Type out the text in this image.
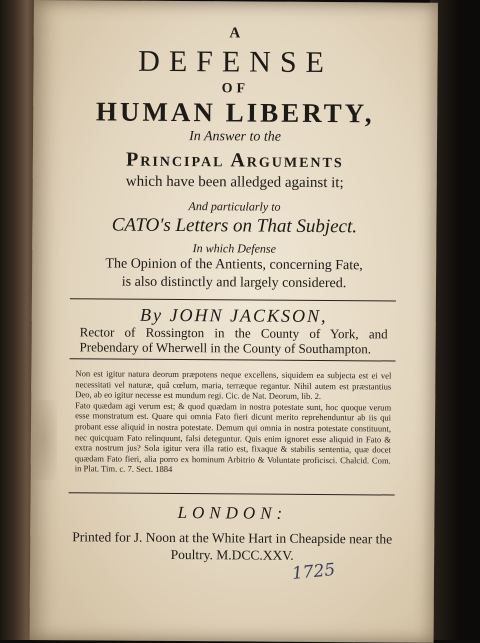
A
DEFENSE
OF
HUMAN LIBERTY,
In Answer to the
Principal Arguments
which have been alledged against it;
And particularly to
CATO's Letters on That Subject.
In which Defense
The Opinion of the Antients, concerning Fate,
is also distinctly and largely considered.
By JOHN JACKSON,
Rector of Rossington in the County of York, and Prebendary of Wherwell in the County of Southampton.

Non est igitur natura deorum præpotens neque excellens, siquidem ea subjecta est ei vel necessitati vel naturæ, quâ cœlum, maria, terræque regantur. Nihil autem est præstantius Deo, ab eo igitur necesse est mundum regi. Cic. de Nat. Deorum, lib. 2.

Fato quædam agi verum est; & quod quædam in nostra potestate sunt, hoc quoque verum esse monstratum est. Quare qui omnia Fato fieri dicunt merito reprehenduntur ab iis qui probant esse aliquid in nostra potestate. Demum qui omnia in nostra potestate constituunt, nec quicquam Fato relinquunt, falsi deteguntur. Quis enim ignoret esse aliquid in Fato & extra nostrum jus? Sola igitur vera illa ratio est, fixaque & stabilis sententia, quæ docet quædam Fato fieri, alia porro ex hominum Arbitrio & Voluntate proficisci. Chalcid. Com. in Plat. Tim. c. 7. Sect. 1884

LONDON:
Printed for J. Noon at the White Hart in Cheapside near the Poultry. M.DCC.XXV.
1725
